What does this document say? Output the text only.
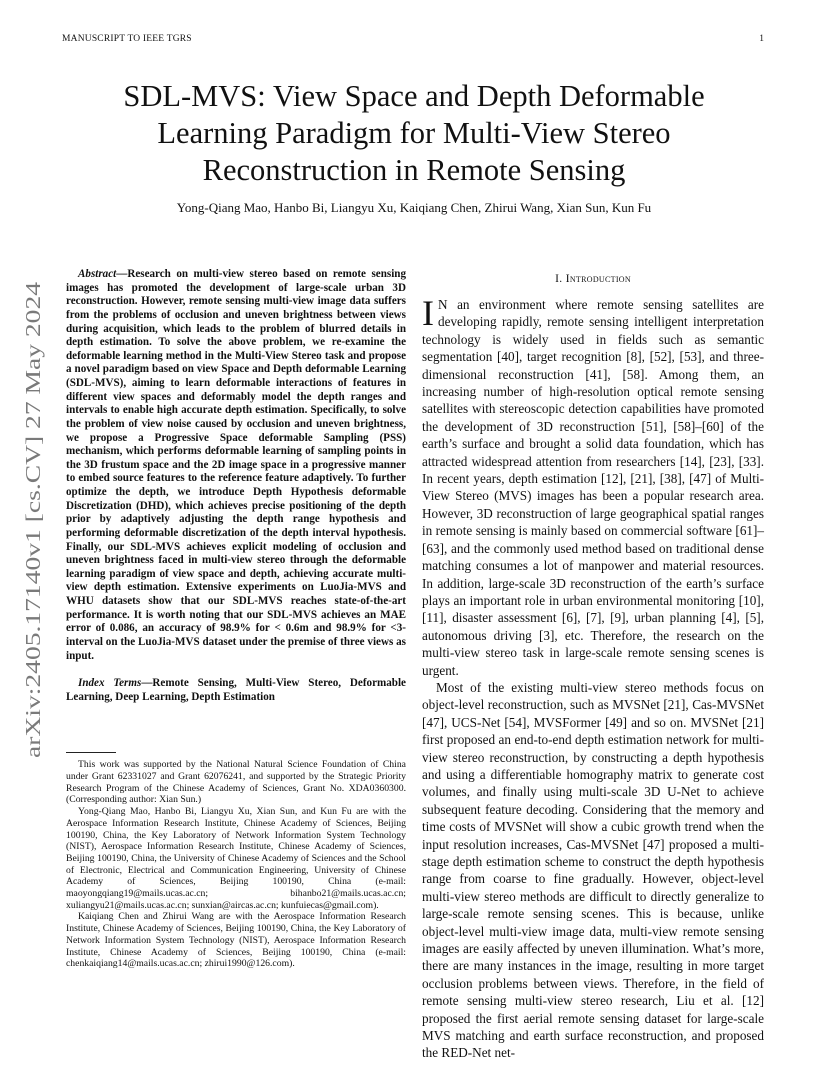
MANUSCRIPT TO IEEE TGRS	1
SDL-MVS: View Space and Depth Deformable Learning Paradigm for Multi-View Stereo Reconstruction in Remote Sensing
Yong-Qiang Mao, Hanbo Bi, Liangyu Xu, Kaiqiang Chen, Zhirui Wang, Xian Sun, Kun Fu
arXiv:2405.17140v1 [cs.CV] 27 May 2024

Abstract—Research on multi-view stereo based on remote sensing images has promoted the development of large-scale urban 3D reconstruction. However, remote sensing multi-view image data suffers from the problems of occlusion and uneven brightness between views during acquisition, which leads to the problem of blurred details in depth estimation. To solve the above problem, we re-examine the deformable learning method in the Multi-View Stereo task and propose a novel paradigm based on view Space and Depth deformable Learning (SDL-MVS), aiming to learn deformable interactions of features in different view spaces and deformably model the depth ranges and intervals to enable high accurate depth estimation. Specifically, to solve the problem of view noise caused by occlusion and uneven brightness, we propose a Progressive Space deformable Sampling (PSS) mechanism, which performs deformable learning of sampling points in the 3D frustum space and the 2D image space in a progressive manner to embed source features to the reference feature adaptively. To further optimize the depth, we introduce Depth Hypothesis deformable Discretization (DHD), which achieves precise positioning of the depth prior by adaptively adjusting the depth range hypothesis and performing deformable discretization of the depth interval hypothesis. Finally, our SDL-MVS achieves explicit modeling of occlusion and uneven brightness faced in multi-view stereo through the deformable learning paradigm of view space and depth, achieving accurate multi-view depth estimation. Extensive experiments on LuoJia-MVS and WHU datasets show that our SDL-MVS reaches state-of-the-art performance. It is worth noting that our SDL-MVS achieves an MAE error of 0.086, an accuracy of 98.9% for < 0.6m and 98.9% for <3-interval on the LuoJia-MVS dataset under the premise of three views as input.

Index Terms—Remote Sensing, Multi-View Stereo, Deformable Learning, Deep Learning, Depth Estimation

This work was supported by the National Natural Science Foundation of China under Grant 62331027 and Grant 62076241, and supported by the Strategic Priority Research Program of the Chinese Academy of Sciences, Grant No. XDA0360300. (Corresponding author: Xian Sun.)

Yong-Qiang Mao, Hanbo Bi, Liangyu Xu, Xian Sun, and Kun Fu are with the Aerospace Information Research Institute, Chinese Academy of Sciences, Beijing 100190, China, the Key Laboratory of Network Information System Technology (NIST), Aerospace Information Research Institute, Chinese Academy of Sciences, Beijing 100190, China, the University of Chinese Academy of Sciences and the School of Electronic, Electrical and Communication Engineering, University of Chinese Academy of Sciences, Beijing 100190, China (e-mail: maoyongqiang19@mails.ucas.ac.cn; bihanbo21@mails.ucas.ac.cn; xuliangyu21@mails.ucas.ac.cn; sunxian@aircas.ac.cn; kunfuiecas@gmail.com).

Kaiqiang Chen and Zhirui Wang are with the Aerospace Information Research Institute, Chinese Academy of Sciences, Beijing 100190, China, the Key Laboratory of Network Information System Technology (NIST), Aerospace Information Research Institute, Chinese Academy of Sciences, Beijing 100190, China (e-mail: chenkaiqiang14@mails.ucas.ac.cn; zhirui1990@126.com).

I. Introduction

I N an environment where remote sensing satellites are developing rapidly, remote sensing intelligent interpretation technology is widely used in fields such as semantic segmentation [40], target recognition [8], [52], [53], and three-dimensional reconstruction [41], [58]. Among them, an increasing number of high-resolution optical remote sensing satellites with stereoscopic detection capabilities have promoted the development of 3D reconstruction [51], [58]–[60] of the earth’s surface and brought a solid data foundation, which has attracted widespread attention from researchers [14], [23], [33]. In recent years, depth estimation [12], [21], [38], [47] of Multi-View Stereo (MVS) images has been a popular research area. However, 3D reconstruction of large geographical spatial ranges in remote sensing is mainly based on commercial software [61]–[63], and the commonly used method based on traditional dense matching consumes a lot of manpower and material resources. In addition, large-scale 3D reconstruction of the earth’s surface plays an important role in urban environmental monitoring [10], [11], disaster assessment [6], [7], [9], urban planning [4], [5], autonomous driving [3], etc. Therefore, the research on the multi-view stereo task in large-scale remote sensing scenes is urgent.

Most of the existing multi-view stereo methods focus on object-level reconstruction, such as MVSNet [21], Cas-MVSNet [47], UCS-Net [54], MVSFormer [49] and so on. MVSNet [21] first proposed an end-to-end depth estimation network for multi-view stereo reconstruction, by constructing a depth hypothesis and using a differentiable homography matrix to generate cost volumes, and finally using multi-scale 3D U-Net to achieve subsequent feature decoding. Considering that the memory and time costs of MVSNet will show a cubic growth trend when the input resolution increases, Cas-MVSNet [47] proposed a multi-stage depth estimation scheme to construct the depth hypothesis range from coarse to fine gradually. However, object-level multi-view stereo methods are difficult to directly generalize to large-scale remote sensing scenes. This is because, unlike object-level multi-view image data, multi-view remote sensing images are easily affected by uneven illumination. What’s more, there are many instances in the image, resulting in more target occlusion problems between views. Therefore, in the field of remote sensing multi-view stereo research, Liu et al. [12] proposed the first aerial remote sensing dataset for large-scale MVS matching and earth surface reconstruction, and proposed the RED-Net net-
